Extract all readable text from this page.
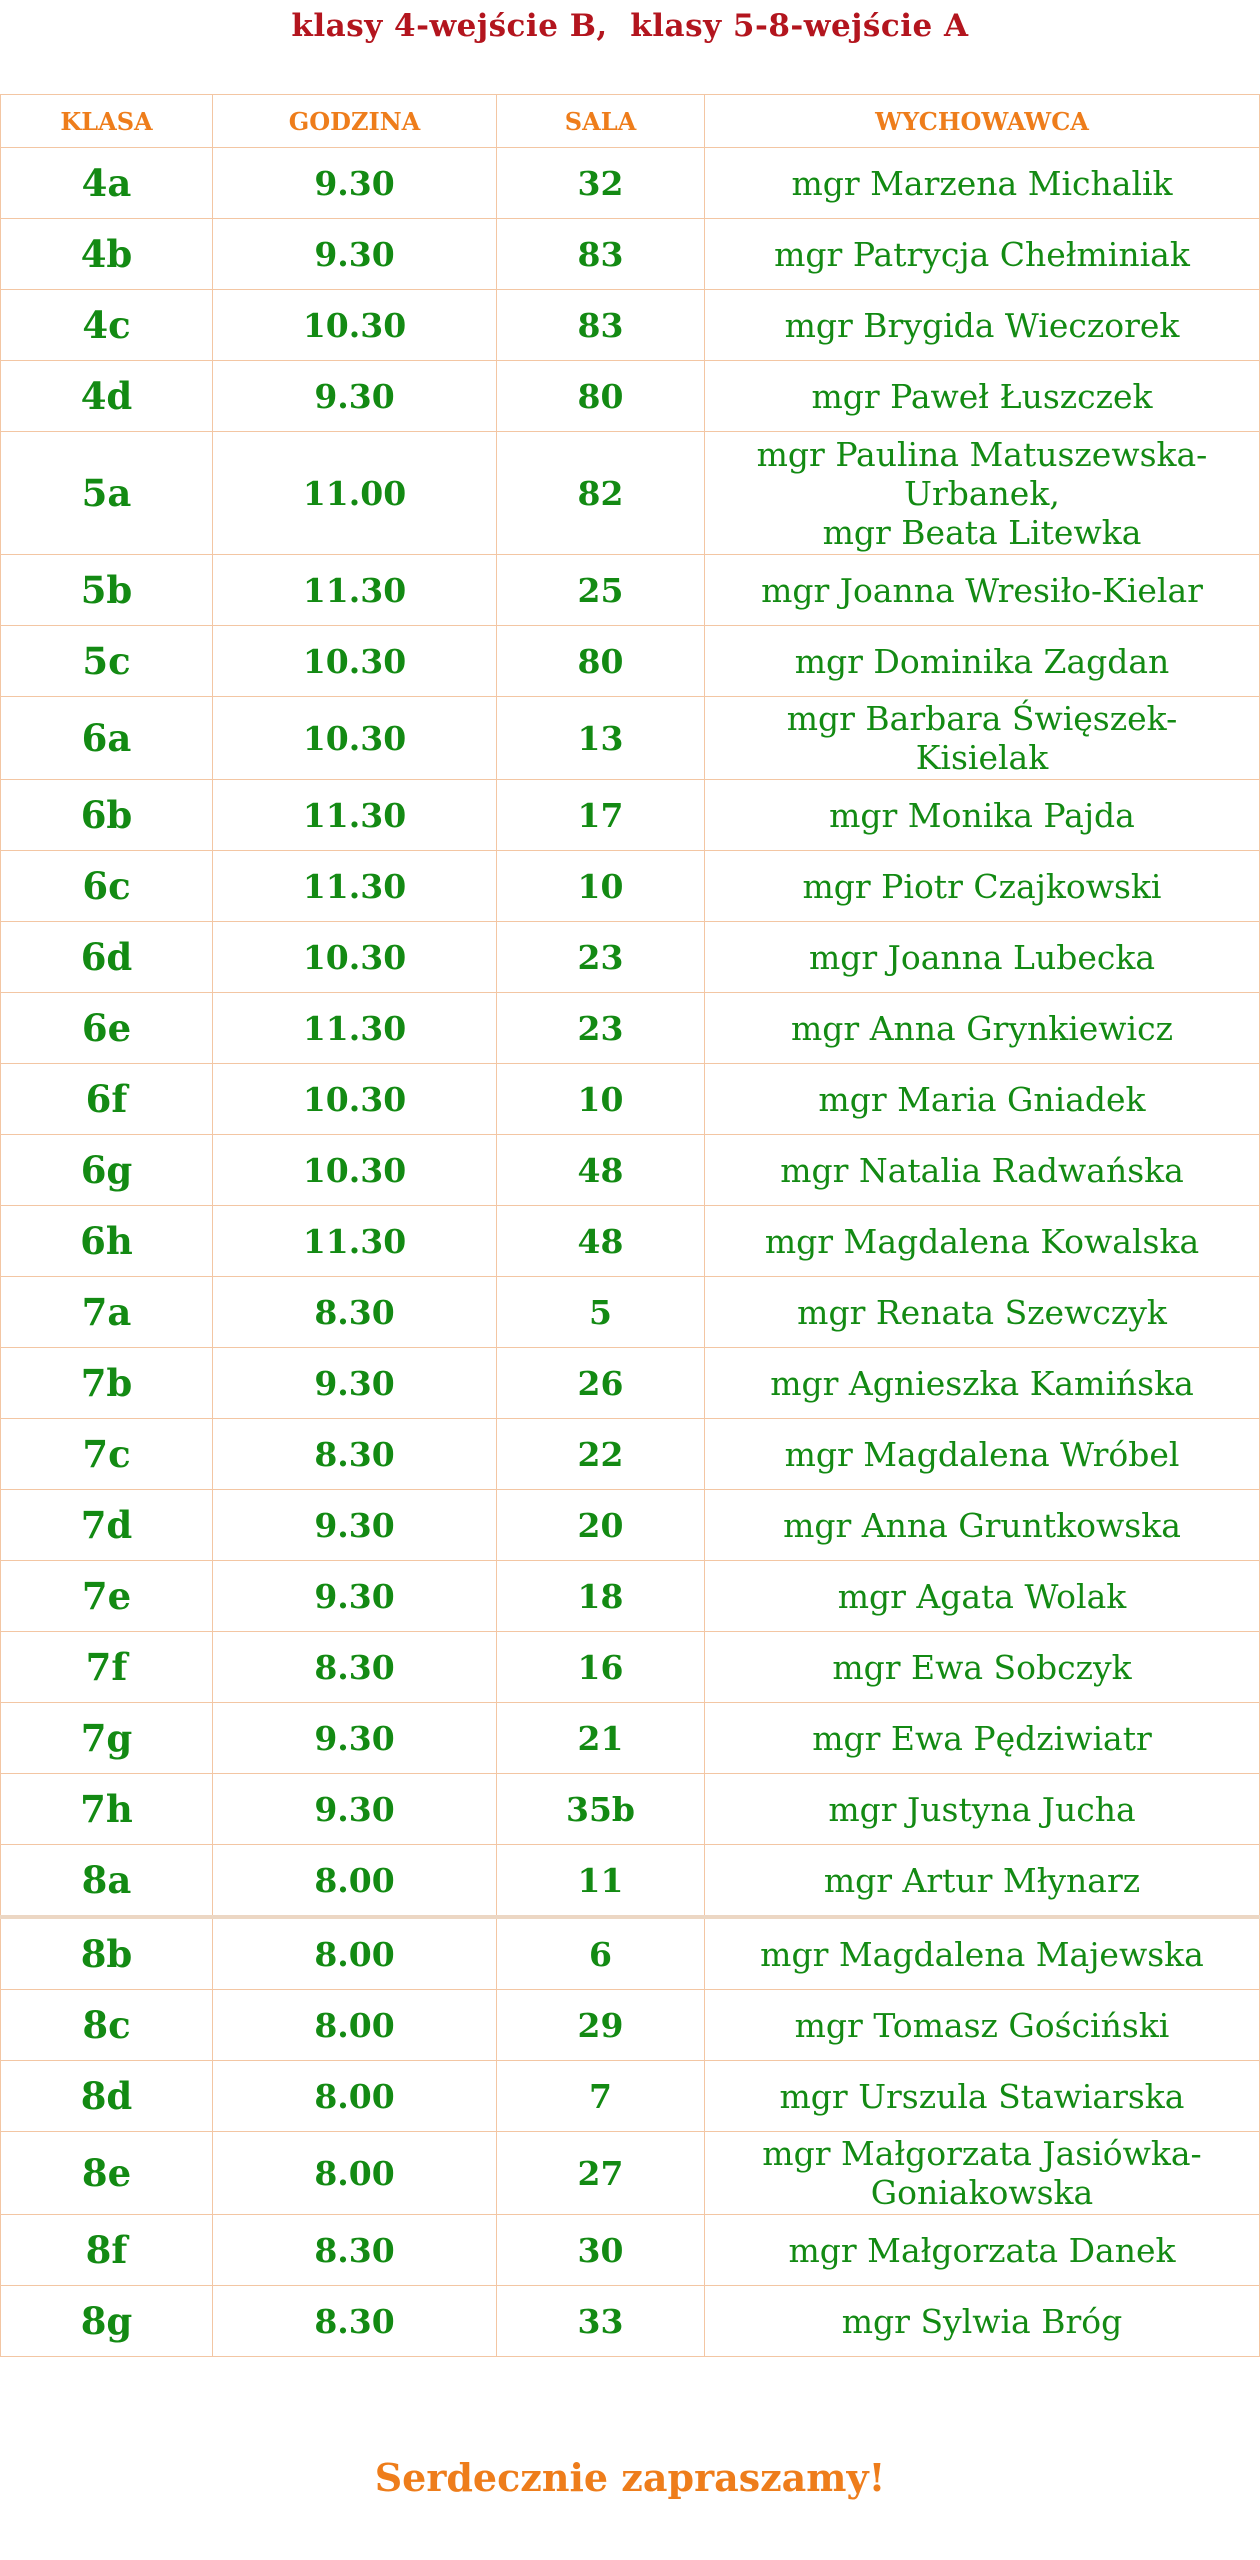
klasy 4-wejście B,  klasy 5-8-wejście A
KLASA	GODZINA	SALA	WYCHOWAWCA
4a	9.30	32	mgr Marzena Michalik

4b	9.30	83	mgr Patrycja Chełminiak

4c	10.30	83	mgr Brygida Wieczorek

4d	9.30	80	mgr Paweł Łuszczek

5a	11.00	82	mgr Paulina Matuszewska-
Urbanek,
mgr Beata Litewka

5b	11.30	25	mgr Joanna Wresiło-Kielar

5c	10.30	80	mgr Dominika Zagdan

6a	10.30	13	mgr Barbara Święszek-
Kisielak

6b	11.30	17	mgr Monika Pajda

6c	11.30	10	mgr Piotr Czajkowski

6d	10.30	23	mgr Joanna Lubecka

6e	11.30	23	mgr Anna Grynkiewicz

6f	10.30	10	mgr Maria Gniadek

6g	10.30	48	mgr Natalia Radwańska

6h	11.30	48	mgr Magdalena Kowalska

7a	8.30	5	mgr Renata Szewczyk

7b	9.30	26	mgr Agnieszka Kamińska

7c	8.30	22	mgr Magdalena Wróbel

7d	9.30	20	mgr Anna Gruntkowska

7e	9.30	18	mgr Agata Wolak

7f	8.30	16	mgr Ewa Sobczyk

7g	9.30	21	mgr Ewa Pędziwiatr

7h	9.30	35b	mgr Justyna Jucha

8a	8.00	11	mgr Artur Młynarz

8b	8.00	6	mgr Magdalena Majewska

8c	8.00	29	mgr Tomasz Gościński

8d	8.00	7	mgr Urszula Stawiarska

8e	8.00	27	mgr Małgorzata Jasiówka-
Goniakowska

8f	8.30	30	mgr Małgorzata Danek

8g	8.30	33	mgr Sylwia Bróg
Serdecznie zapraszamy!
